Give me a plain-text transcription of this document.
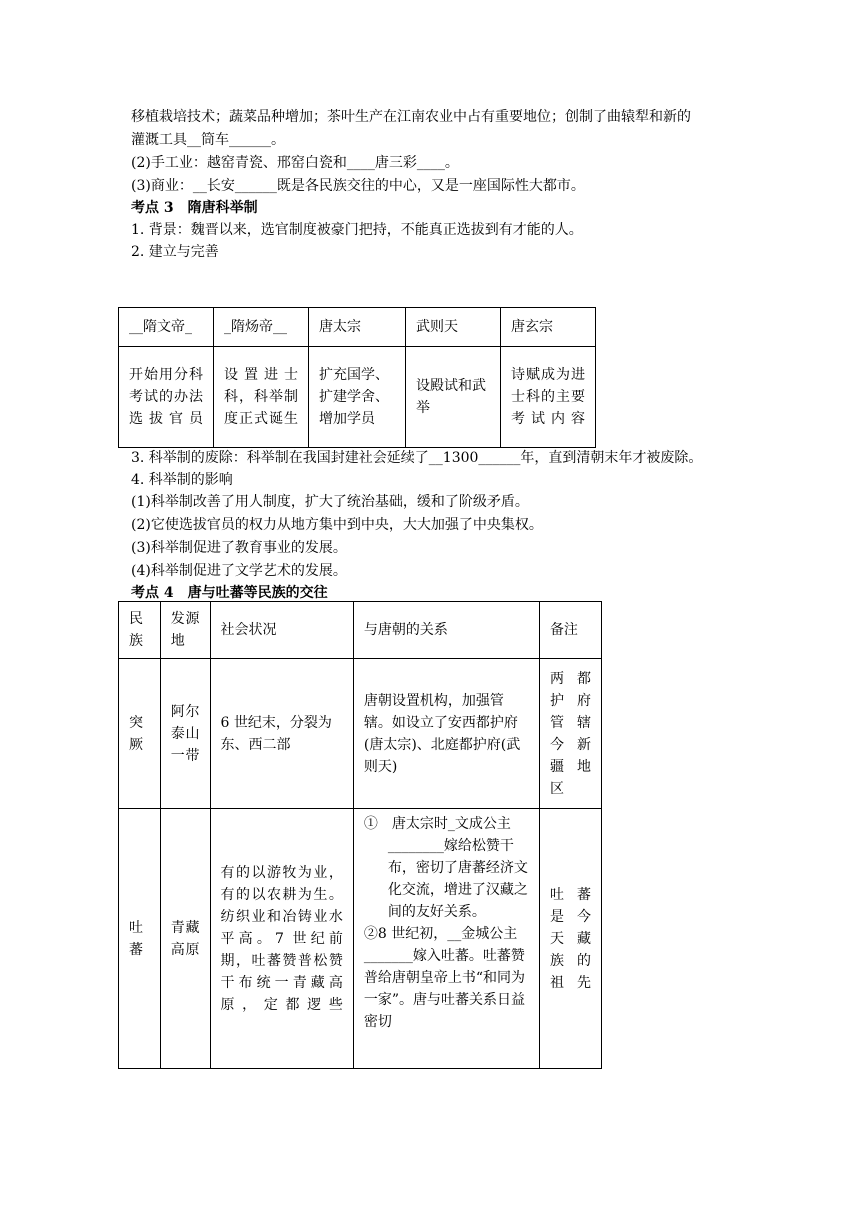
移植栽培技术；蔬菜品种增加；茶叶生产在江南农业中占有重要地位；创制了曲辕犁和新的
灌溉工具__筒车______。
(2)手工业：越窑青瓷、邢窑白瓷和____唐三彩____。
(3)商业：__长安______既是各民族交往的中心，又是一座国际性大都市。
考点 3　隋唐科举制
1. 背景：魏晋以来，选官制度被豪门把持，不能真正选拔到有才能的人。
2. 建立与完善
__隋文帝_	_隋炀帝__	唐太宗	武则天	唐玄宗
开始用分科考试的办法选拔官员	设置进士科，科举制度正式诞生	扩充国学、扩建学舍、增加学员	设殿试和武举	诗赋成为进士科的主要考试内容
3. 科举制的废除：科举制在我国封建社会延续了__1300______年，直到清朝末年才被废除。
4. 科举制的影响
(1)科举制改善了用人制度，扩大了统治基础，缓和了阶级矛盾。
(2)它使选拔官员的权力从地方集中到中央，大大加强了中央集权。
(3)科举制促进了教育事业的发展。
(4)科举制促进了文学艺术的发展。
考点 4　唐与吐蕃等民族的交往
民族	发源地	社会状况	与唐朝的关系	备注
突厥	阿尔泰山一带	6 世纪末，分裂为东、西二部	唐朝设置机构，加强管辖。如设立了安西都护府(唐太宗)、北庭都护府(武则天)	两都护府管辖今新疆地区
吐蕃	青藏高原	有的以游牧为业，有的以农耕为生。纺织业和冶铸业水平高。7 世纪前期，吐蕃赞普松赞干布统一青藏高原，定都逻些	①　唐太宗时_文成公主________嫁给松赞干布，密切了唐蕃经济文化交流，增进了汉藏之间的友好关系。
②8 世纪初，__金城公主_______嫁入吐蕃。吐蕃赞普给唐朝皇帝上书“和同为一家”。唐与吐蕃关系日益密切	吐蕃是今天藏族的祖先
